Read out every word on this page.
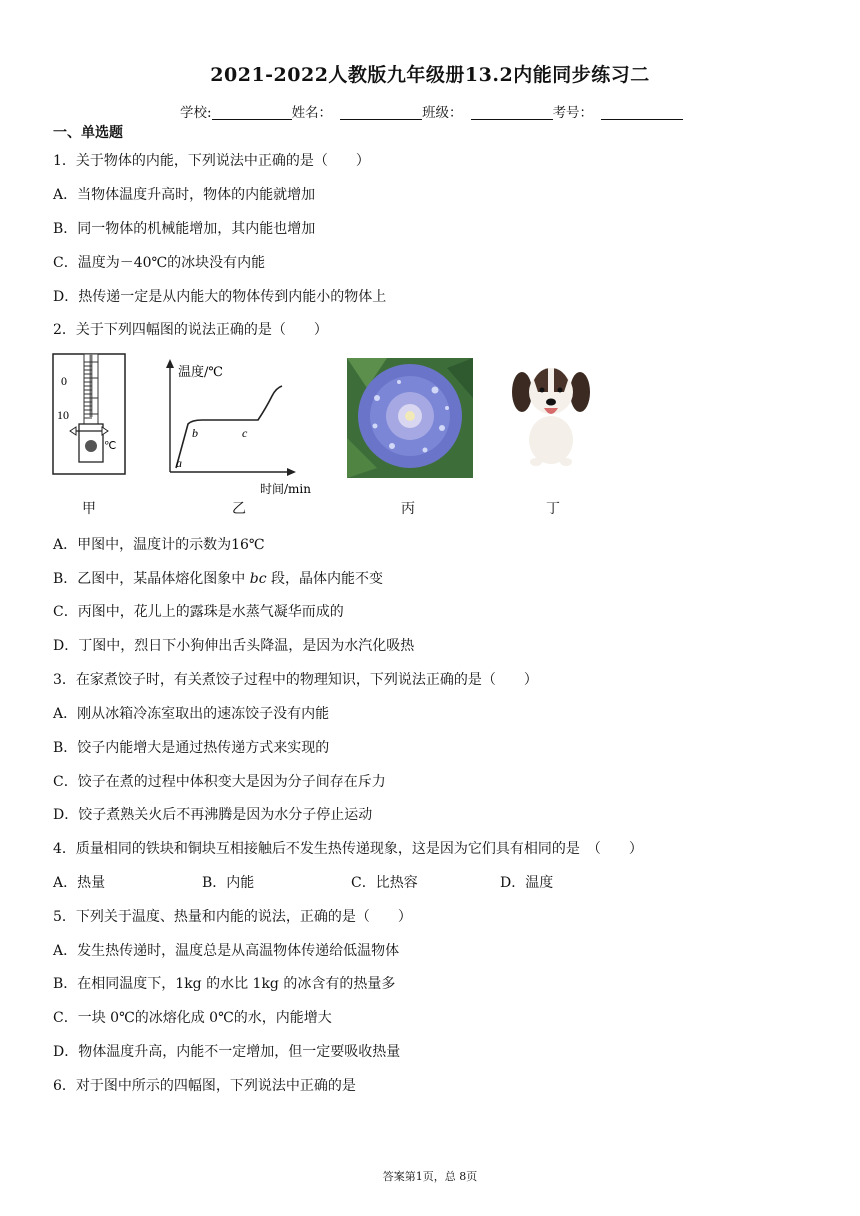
2021-2022人教版九年级册13.2内能同步练习二
学校:	姓名：	班级：	考号：
一、单选题
1．关于物体的内能，下列说法中正确的是（　　）
A．当物体温度升高时，物体的内能就增加
B．同一物体的机械能增加，其内能也增加
C．温度为－40℃的冰块没有内能
D．热传递一定是从内能大的物体传到内能小的物体上
2．关于下列四幅图的说法正确的是（　　）
0
10
℃
温度/℃
时间/min
a
b	c
甲	乙	丙	丁
A．甲图中，温度计的示数为16℃
B．乙图中，某晶体熔化图象中 bc 段，晶体内能不变
C．丙图中，花儿上的露珠是水蒸气凝华而成的
D．丁图中，烈日下小狗伸出舌头降温，是因为水汽化吸热
3．在家煮饺子时，有关煮饺子过程中的物理知识，下列说法正确的是（　　）
A．刚从冰箱冷冻室取出的速冻饺子没有内能
B．饺子内能增大是通过热传递方式来实现的
C．饺子在煮的过程中体积变大是因为分子间存在斥力
D．饺子煮熟关火后不再沸腾是因为水分子停止运动
4．质量相同的铁块和铜块互相接触后不发生热传递现象，这是因为它们具有相同的是　（　　）
A．热量	B．内能	C．比热容	D．温度
5．下列关于温度、热量和内能的说法，正确的是（　　）
A．发生热传递时，温度总是从高温物体传递给低温物体
B．在相同温度下，1kg 的水比 1kg 的冰含有的热量多
C．一块 0℃的冰熔化成 0℃的水，内能增大
D．物体温度升高，内能不一定增加，但一定要吸收热量
6．对于图中所示的四幅图，下列说法中正确的是
答案第1页，总 8页
